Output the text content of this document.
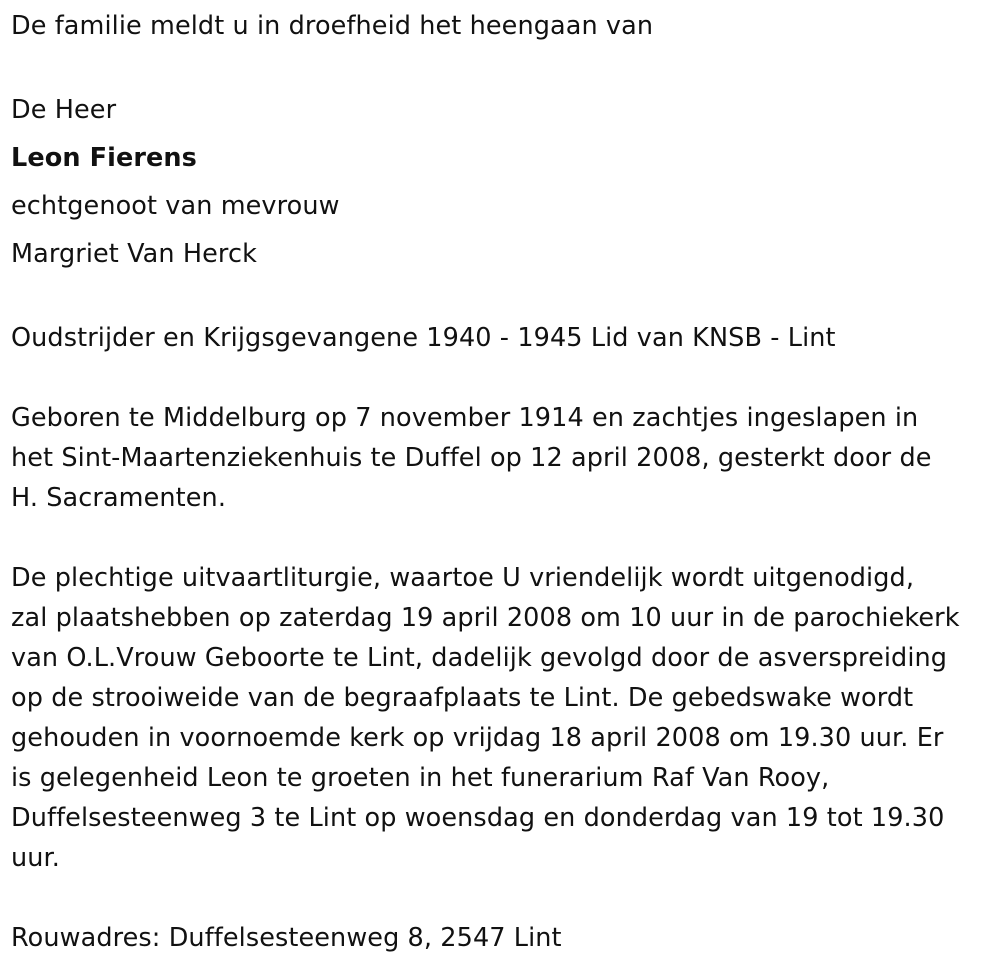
De familie meldt u in droefheid het heengaan van
De Heer
Leon Fierens
echtgenoot van mevrouw
Margriet Van Herck
Oudstrijder en Krijgsgevangene 1940 - 1945 Lid van KNSB - Lint
Geboren te Middelburg op 7 november 1914 en zachtjes ingeslapen in
het Sint-Maartenziekenhuis te Duffel op 12 april 2008, gesterkt door de
H. Sacramenten.
De plechtige uitvaartliturgie, waartoe U vriendelijk wordt uitgenodigd,
zal plaatshebben op zaterdag 19 april 2008 om 10 uur in de parochiekerk
van O.L.Vrouw Geboorte te Lint, dadelijk gevolgd door de asverspreiding
op de strooiweide van de begraafplaats te Lint. De gebedswake wordt
gehouden in voornoemde kerk op vrijdag 18 april 2008 om 19.30 uur. Er
is gelegenheid Leon te groeten in het funerarium Raf Van Rooy,
Duffelsesteenweg 3 te Lint op woensdag en donderdag van 19 tot 19.30
uur.
Rouwadres: Duffelsesteenweg 8, 2547 Lint
